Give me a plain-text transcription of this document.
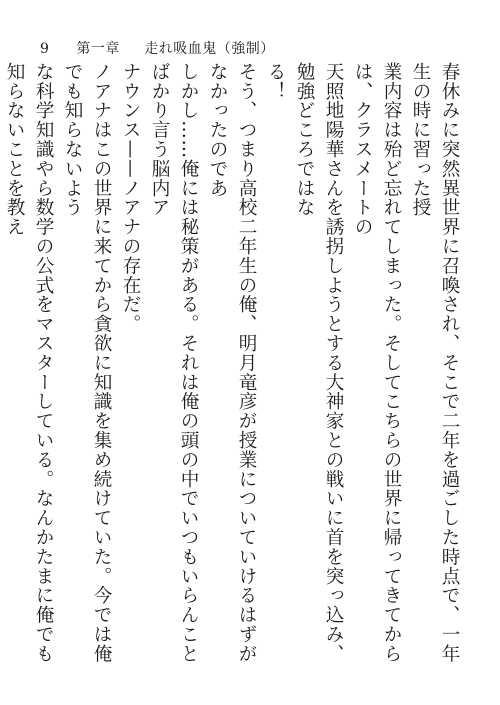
9 第一章   走れ吸血鬼（強制）
春休みに突然異世界に召喚され、そこで二年を過ごした時点で、一年生の時に習った授
業内容は殆ど忘れてしまった。そしてこちらの世界に帰ってきてからは、クラスメートの
天照地陽華さんを誘拐しようとする大神家との戦いに首を突っ込み、勉強どころではな
る！
そう、つまり高校二年生の俺、明月竜彦が授業についていけるはずがなかったのであ
しかし……俺には秘策がある。それは俺の頭の中でいつもいらんことばかり言う脳内ア
ナウンス——ノアナの存在だ。
ノアナはこの世界に来てから貪欲に知識を集め続けていた。今では俺でも知らないよう
な科学知識やら数学の公式をマスターしている。なんかたまに俺でも知らないことを教え
